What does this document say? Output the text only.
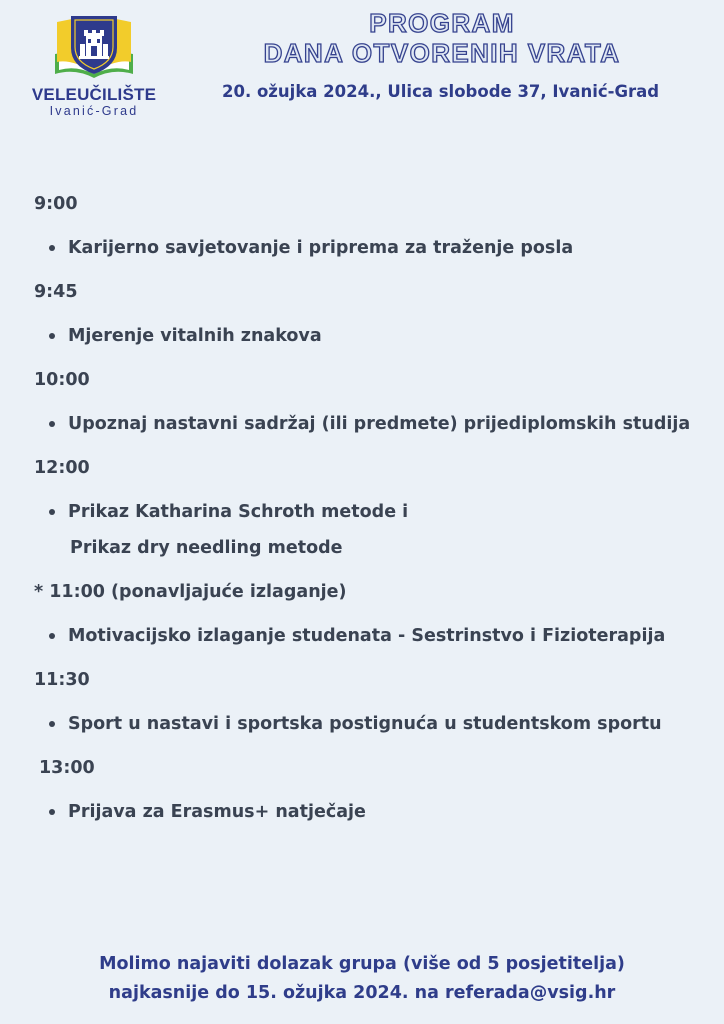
VELEUČILIŠTE
Ivanić-Grad
PROGRAM
DANA OTVORENIH VRATA
20. ožujka 2024., Ulica slobode 37, Ivanić-Grad
9:00
Karijerno savjetovanje i priprema za traženje posla
9:45
Mjerenje vitalnih znakova
10:00
Upoznaj nastavni sadržaj (ili predmete) prijediplomskih studija
12:00
Prikaz Katharina Schroth metode i
Prikaz dry needling metode
* 11:00 (ponavljajuće izlaganje)
Motivacijsko izlaganje studenata - Sestrinstvo i Fizioterapija
11:30
Sport u nastavi i sportska postignuća u studentskom sportu
13:00
Prijava za Erasmus+ natječaje
Molimo najaviti dolazak grupa (više od 5 posjetitelja)
najkasnije do 15. ožujka 2024. na referada@vsig.hr
